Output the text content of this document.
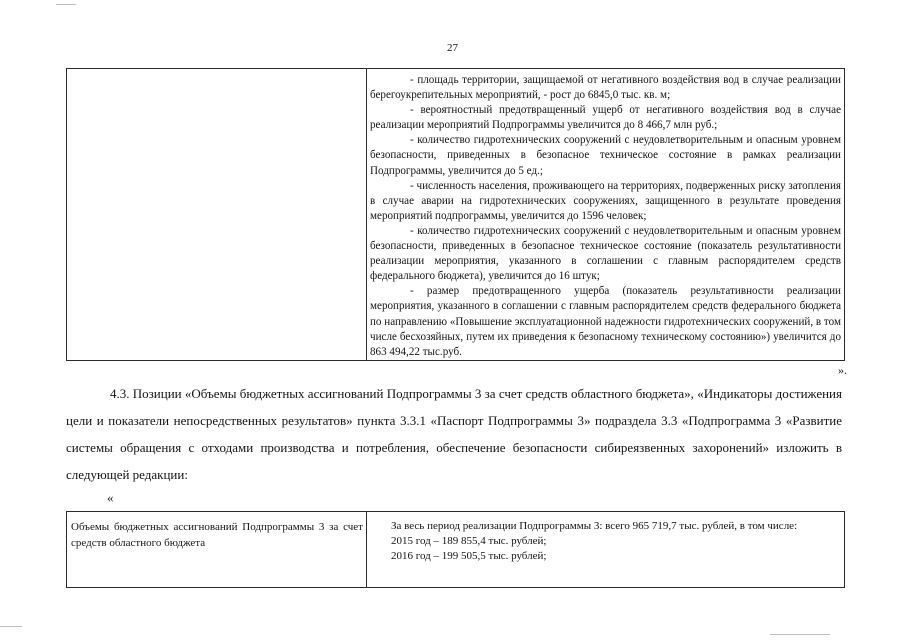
27

- площадь территории, защищаемой от негативного воздействия вод в случае реализации берегоукрепительных мероприятий, - рост до 6845,0 тыс. кв. м;

- вероятностный предотвращенный ущерб от негативного воздействия вод в случае реализации мероприятий Подпрограммы увеличится до 8 466,7 млн руб.;

- количество гидротехнических сооружений с неудовлетворительным и опасным уровнем безопасности, приведенных в безопасное техническое состояние в рамках реализации Подпрограммы, увеличится до 5 ед.;

- численность населения, проживающего на территориях, подверженных риску затопления в случае аварии на гидротехнических сооружениях, защищенного в результате проведения мероприятий подпрограммы, увеличится до 1596 человек;

- количество гидротехнических сооружений с неудовлетворительным и опасным уровнем безопасности, приведенных в безопасное техническое состояние (показатель результативности реализации мероприятия, указанного в соглашении с главным распорядителем средств федерального бюджета), увеличится до 16 штук;

- размер предотвращенного ущерба (показатель результативности реализации мероприятия, указанного в соглашении с главным распорядителем средств федерального бюджета по направлению «Повышение эксплуатационной надежности гидротехнических сооружений, в том числе бесхозяйных, путем их приведения к безопасному техническому состоянию») увеличится до 863 494,22 тыс.руб.

».

4.3. Позиции «Объемы бюджетных ассигнований Подпрограммы 3 за счет средств областного бюджета», «Индикаторы достижения цели и показатели непосредственных результатов» пункта 3.3.1 «Паспорт Подпрограммы 3» подраздела 3.3 «Подпрограмма 3 «Развитие системы обращения с отходами производства и потребления, обеспечение безопасности сибиреязвенных захоронений» изложить в следующей редакции:

«

Объемы бюджетных ассигнований Подпрограммы 3 за счет средств областного бюджета

За весь период реализации Подпрограммы 3: всего 965 719,7 тыс. рублей, в том числе:

2015 год – 189 855,4 тыс. рублей;

2016 год – 199 505,5 тыс. рублей;
